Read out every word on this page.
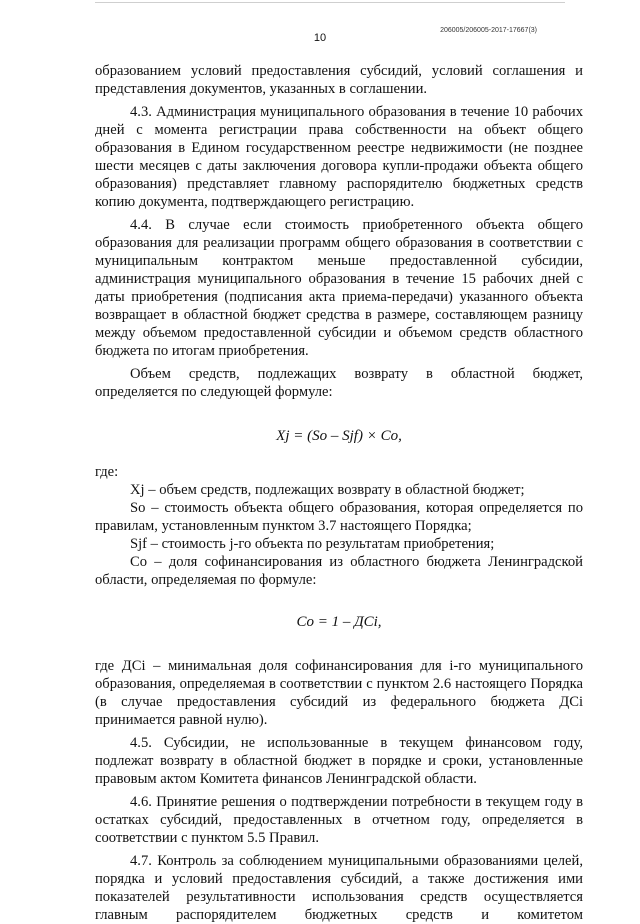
206005/206005-2017-17667(3)
10

образованием условий предоставления субсидий, условий соглашения и представления документов, указанных в соглашении.

4.3. Администрация муниципального образования в течение 10 рабочих дней с момента регистрации права собственности на объект общего образования в Едином государственном реестре недвижимости (не позднее шести месяцев с даты заключения договора купли-продажи объекта общего образования) представляет главному распорядителю бюджетных средств копию документа, подтверждающего регистрацию.

4.4. В случае если стоимость приобретенного объекта общего образования для реализации программ общего образования в соответствии с муниципальным контрактом меньше предоставленной субсидии, администрация муниципального образования в течение 15 рабочих дней с даты приобретения (подписания акта приема-передачи) указанного объекта возвращает в областной бюджет средства в размере, составляющем разницу между объемом предоставленной субсидии и объемом средств областного бюджета по итогам приобретения.

Объем средств, подлежащих возврату в областной бюджет, определяется по следующей формуле:

Xj = (So – Sjf) × Co,

где:

Xj – объем средств, подлежащих возврату в областной бюджет;

So – стоимость объекта общего образования, которая определяется по правилам, установленным пунктом 3.7 настоящего Порядка;

Sjf – стоимость j-го объекта по результатам приобретения;

Co – доля софинансирования из областного бюджета Ленинградской области, определяемая по формуле:

Co = 1 – ДСi,

где ДСi – минимальная доля софинансирования для i-го муниципального образования, определяемая в соответствии с пунктом 2.6 настоящего Порядка (в случае предоставления субсидий из федерального бюджета ДСi принимается равной нулю).

4.5. Субсидии, не использованные в текущем финансовом году, подлежат возврату в областной бюджет в порядке и сроки, установленные правовым актом Комитета финансов Ленинградской области.

4.6. Принятие решения о подтверждении потребности в текущем году в остатках субсидий, предоставленных в отчетном году, определяется в соответствии с пунктом 5.5 Правил.

4.7. Контроль за соблюдением муниципальными образованиями целей, порядка и условий предоставления субсидий, а также достижения ими показателей результативности использования средств осуществляется главным распорядителем бюджетных средств и комитетом
